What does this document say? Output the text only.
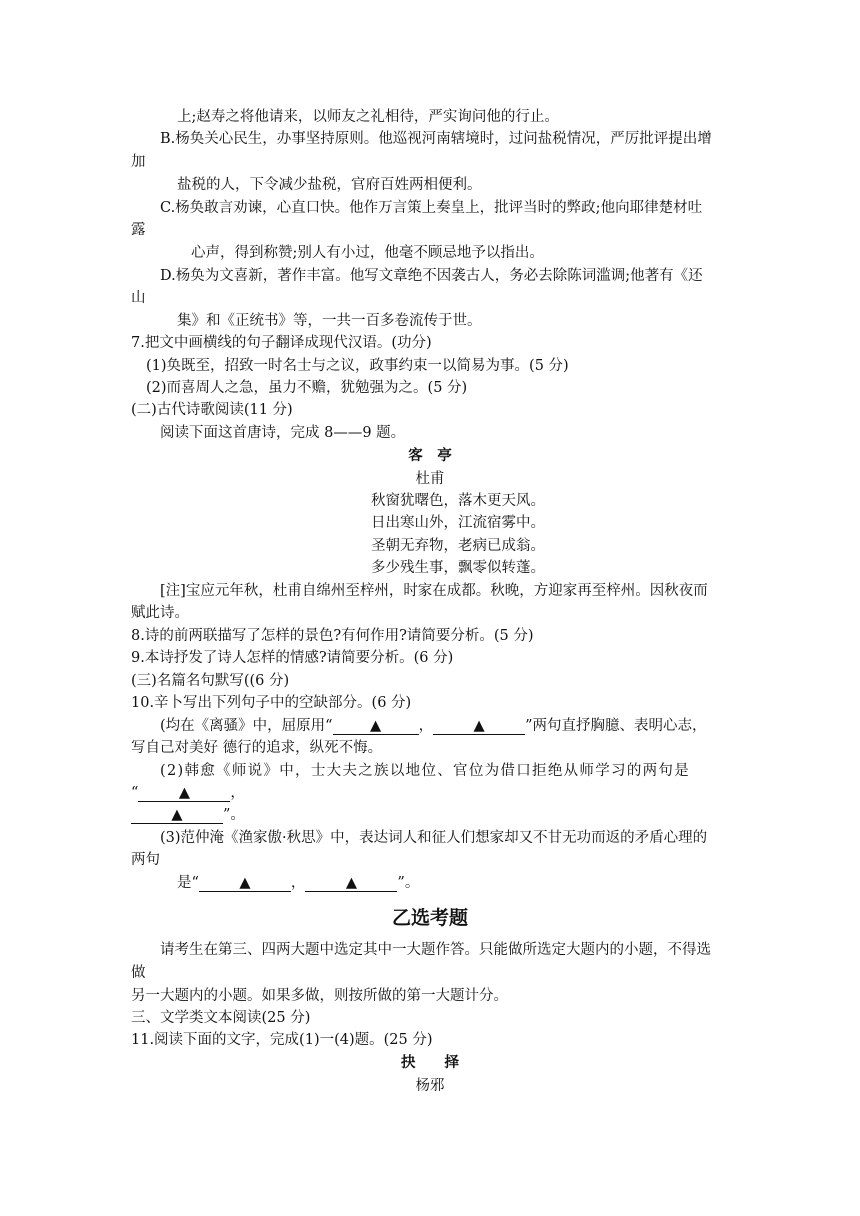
上;赵寿之将他请来，以师友之礼相待，严实询问他的行止。
B.杨奂关心民生，办事坚持原则。他巡视河南辖境时，过问盐税情况，严厉批评提出增
加
盐税的人，下令减少盐税，官府百姓两相便利。
C.杨奂敢言劝谏，心直口快。他作万言策上奏皇上，批评当时的弊政;他向耶律楚材吐
露
心声，得到称赞;别人有小过，他毫不顾忌地予以指出。
D.杨奂为文喜新，著作丰富。他写文章绝不因袭古人，务必去除陈词滥调;他著有《还
山
集》和《正统书》等，一共一百多卷流传于世。
7.把文中画横线的句子翻译成现代汉语。(功分)
(1)奂既至，招致一时名士与之议，政事约束一以简易为事。(5 分)
(2)而喜周人之急，虽力不赡，犹勉强为之。(5 分)
(二)古代诗歌阅读(11 分)
阅读下面这首唐诗，完成 8——9 题。
客　亭
杜甫
秋窗犹曙色，落木更天风。
日出寒山外，江流宿雾中。
圣朝无弃物，老病已成翁。
多少残生事，飘零似转蓬。
[注]宝应元年秋，杜甫自绵州至梓州，时家在成都。秋晚，方迎家再至梓州。因秋夜而
赋此诗。
8.诗的前两联描写了怎样的景色?有何作用?请简要分析。(5 分)
9.本诗抒发了诗人怎样的情感?请简要分析。(6 分)
(三)名篇名句默写((6 分)
10.辛卜写出下列句子中的空缺部分。(6 分)
(均在《离骚》中，屈原用“	▲	，	▲	”两句直抒胸臆、表明心志，
写自己对美好 德行的追求，纵死不悔。
(2)韩愈《师说》中，士大夫之族以地位、官位为借口拒绝从师学习的两句是
“	▲	，
▲	”。
(3)范仲淹《渔家傲·秋思》中，表达词人和征人们想家却又不甘无功而返的矛盾心理的
两句
是“	▲	，	▲	”。
乙选考题
请考生在第三、四两大题中选定其中一大题作答。只能做所选定大题内的小题，不得选
做
另一大题内的小题。如果多做，则按所做的第一大题计分。
三、文学类文本阅读(25 分)
11.阅读下面的文字，完成(1)一(4)题。(25 分)
抉　　择
杨邪
